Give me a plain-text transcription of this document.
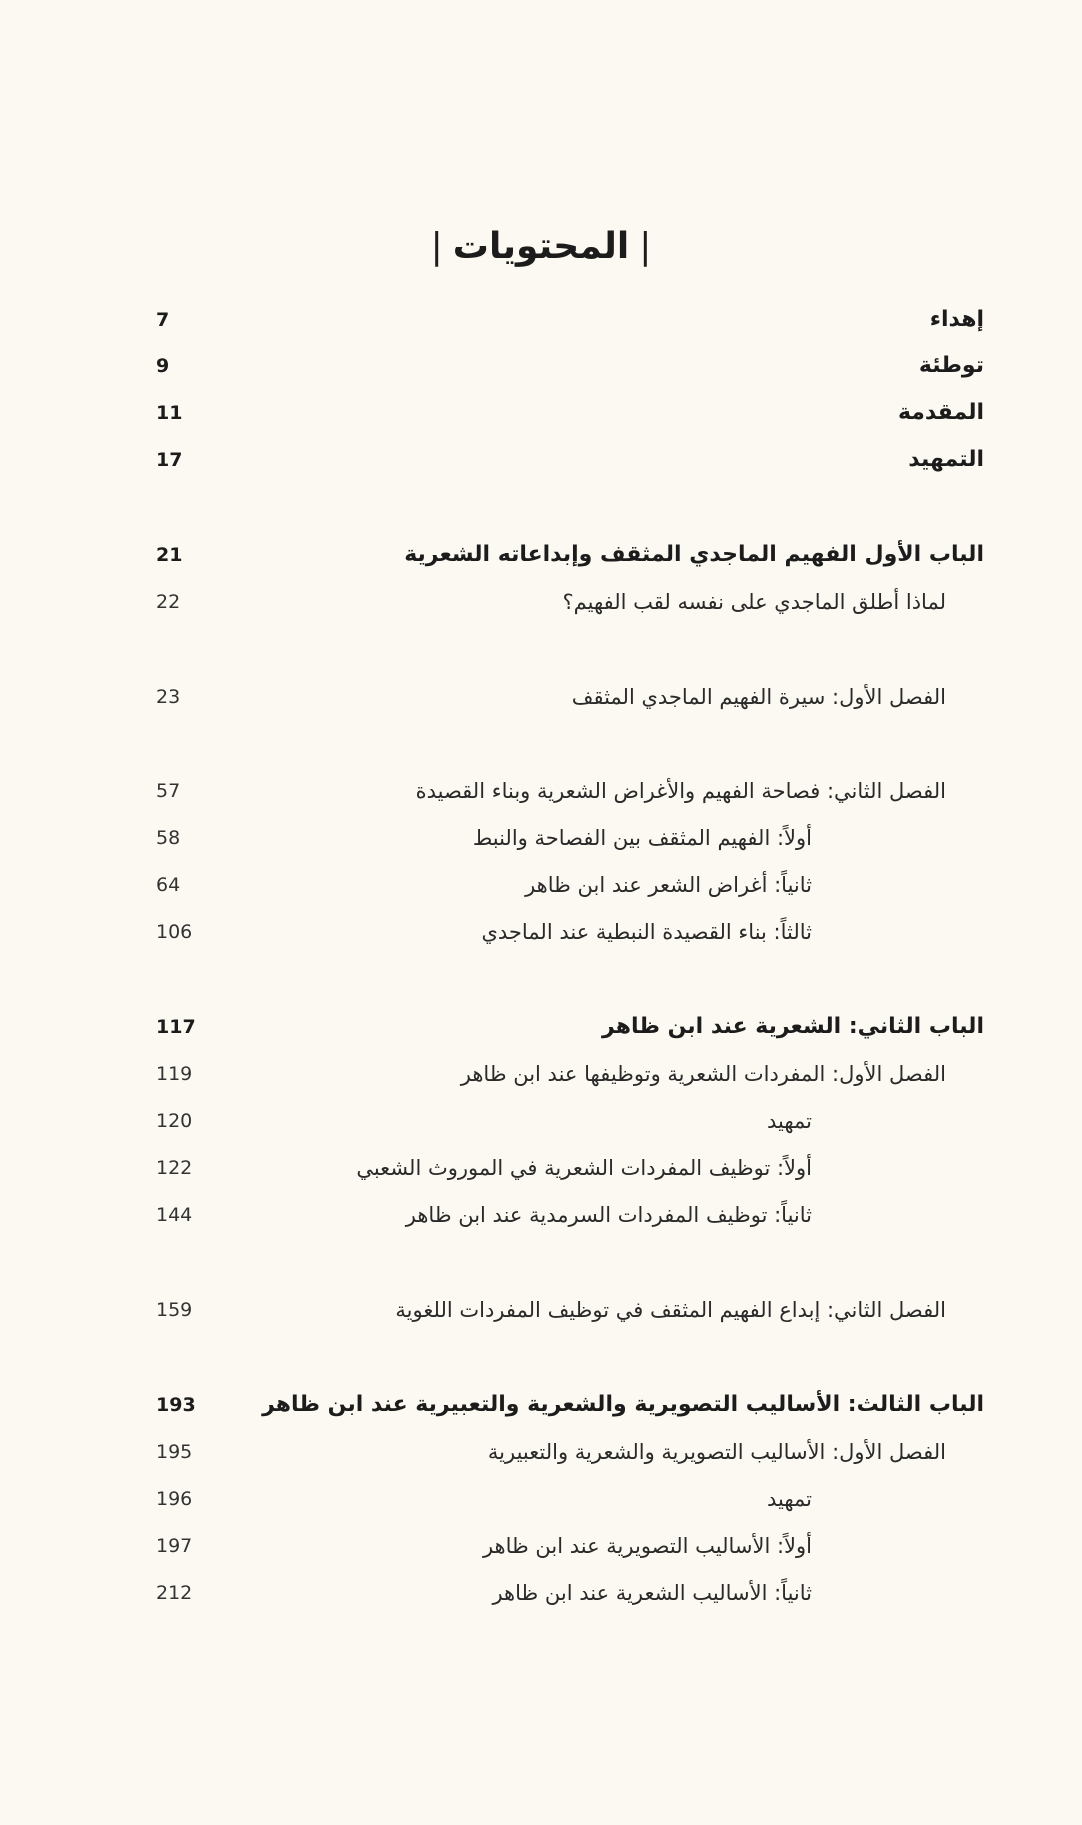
|المحتويات|
إهداء
7
توطئة
9
المقدمة
11
التمهيد
17
الباب الأول الفهيم الماجدي المثقف وإبداعاته الشعرية
21
لماذا أطلق الماجدي على نفسه لقب الفهيم؟
22
الفصل الأول: سيرة الفهيم الماجدي المثقف
23
الفصل الثاني: فصاحة الفهيم والأغراض الشعرية وبناء القصيدة
57
أولاً: الفهيم المثقف بين الفصاحة والنبط
58
ثانياً: أغراض الشعر عند ابن ظاهر
64
ثالثاً: بناء القصيدة النبطية عند الماجدي
106
الباب الثاني: الشعرية عند ابن ظاهر
117
الفصل الأول: المفردات الشعرية وتوظيفها عند ابن ظاهر
119
تمهيد
120
أولاً: توظيف المفردات الشعرية في الموروث الشعبي
122
ثانياً: توظيف المفردات السرمدية عند ابن ظاهر
144
الفصل الثاني: إبداع الفهيم المثقف في توظيف المفردات اللغوية
159
الباب الثالث: الأساليب التصويرية والشعرية والتعبيرية عند ابن ظاهر
193
الفصل الأول: الأساليب التصويرية والشعرية والتعبيرية
195
تمهيد
196
أولاً: الأساليب التصويرية عند ابن ظاهر
197
ثانياً: الأساليب الشعرية عند ابن ظاهر
212
